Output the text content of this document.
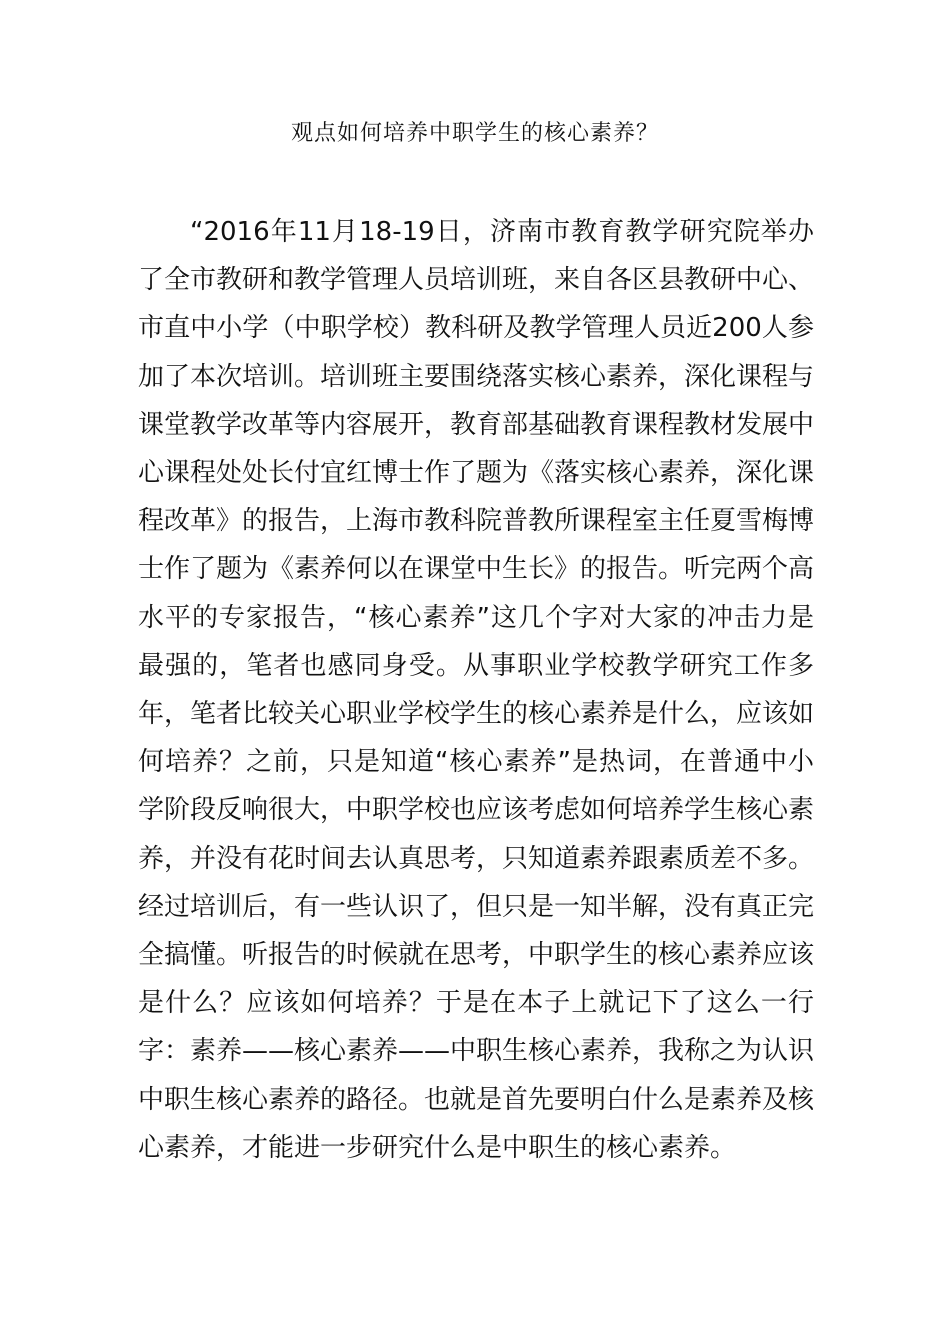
观点如何培养中职学生的核心素养？

“2016年11月18-19日，济南市教育教学研究院举办了全市教研和教学管理人员培训班，来自各区县教研中心、市直中小学（中职学校）教科研及教学管理人员近200人参加了本次培训。培训班主要围绕落实核心素养，深化课程与课堂教学改革等内容展开，教育部基础教育课程教材发展中心课程处处长付宜红博士作了题为《落实核心素养，深化课程改革》的报告，上海市教科院普教所课程室主任夏雪梅博士作了题为《素养何以在课堂中生长》的报告。听完两个高水平的专家报告，“核心素养”这几个字对大家的冲击力是最强的，笔者也感同身受。从事职业学校教学研究工作多年，笔者比较关心职业学校学生的核心素养是什么，应该如何培养？之前，只是知道“核心素养”是热词，在普通中小学阶段反响很大，中职学校也应该考虑如何培养学生核心素养，并没有花时间去认真思考，只知道素养跟素质差不多。经过培训后，有一些认识了，但只是一知半解，没有真正完全搞懂。听报告的时候就在思考，中职学生的核心素养应该是什么？应该如何培养？于是在本子上就记下了这么一行字：素养——核心素养——中职生核心素养，我称之为认识中职生核心素养的路径。也就是首先要明白什么是素养及核心素养，才能进一步研究什么是中职生的核心素养。
